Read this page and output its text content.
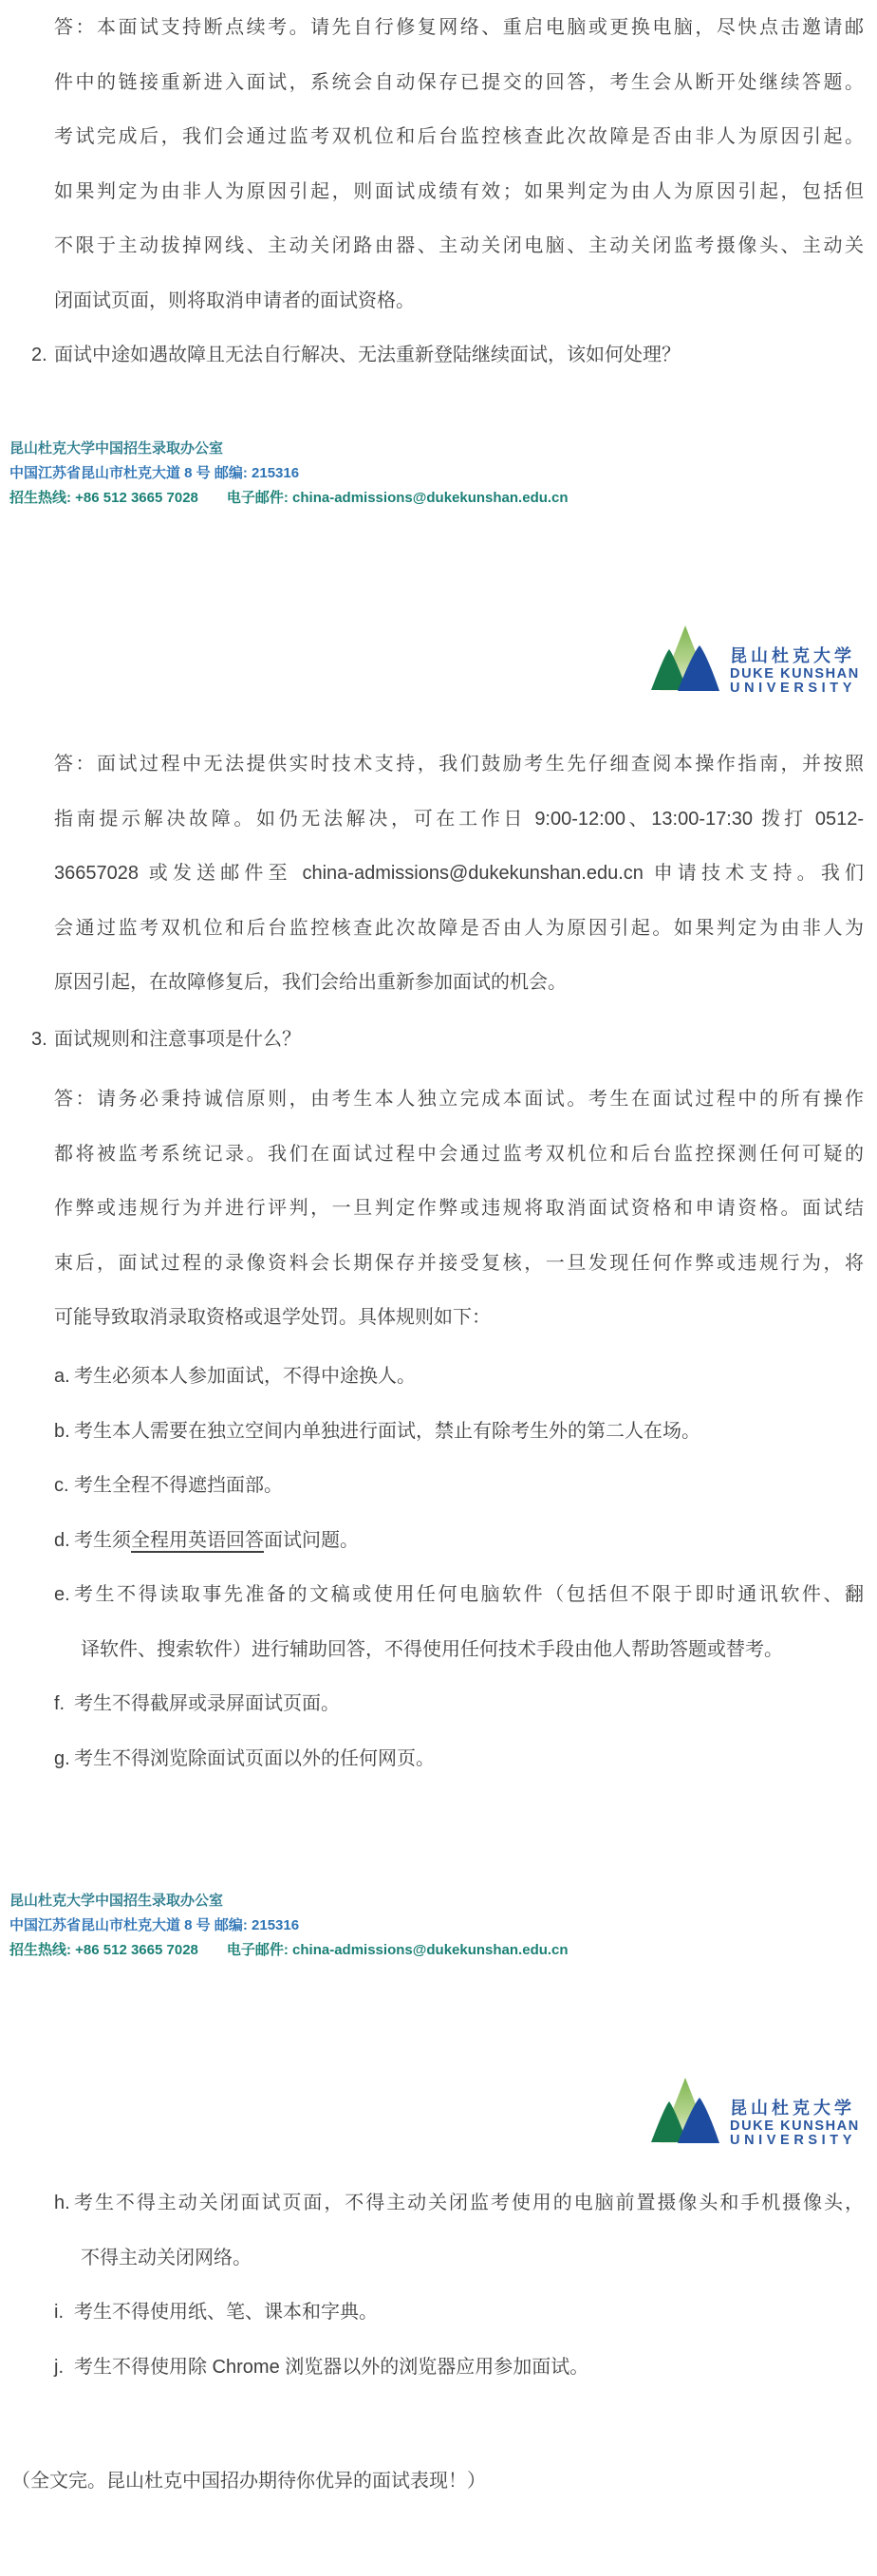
答：本面试支持断点续考。请先自行修复网络、重启电脑或更换电脑，尽快点击邀请邮
件中的链接重新进入面试，系统会自动保存已提交的回答，考生会从断开处继续答题。
考试完成后，我们会通过监考双机位和后台监控核查此次故障是否由非人为原因引起。
如果判定为由非人为原因引起，则面试成绩有效；如果判定为由人为原因引起，包括但
不限于主动拔掉网线、主动关闭路由器、主动关闭电脑、主动关闭监考摄像头、主动关
闭面试页面，则将取消申请者的面试资格。
2. 面试中途如遇故障且无法自行解决、无法重新登陆继续面试，该如何处理？
昆山杜克大学中国招生录取办公室
中国江苏省昆山市杜克大道 8 号 邮编: 215316
招生热线: +86 512 3665 7028 电子邮件: china-admissions@dukekunshan.edu.cn
昆山杜克大学
DUKE KUNSHAN
UNIVERSITY
答：面试过程中无法提供实时技术支持，我们鼓励考生先仔细查阅本操作指南，并按照
指南提示解决故障。如仍无法解决，可在工作日 9:00-12:00、13:00-17:30 拨打 0512-
36657028 或发送邮件至 china-admissions@dukekunshan.edu.cn 申请技术支持。我们
会通过监考双机位和后台监控核查此次故障是否由人为原因引起。如果判定为由非人为
原因引起，在故障修复后，我们会给出重新参加面试的机会。
3. 面试规则和注意事项是什么？
答：请务必秉持诚信原则，由考生本人独立完成本面试。考生在面试过程中的所有操作
都将被监考系统记录。我们在面试过程中会通过监考双机位和后台监控探测任何可疑的
作弊或违规行为并进行评判，一旦判定作弊或违规将取消面试资格和申请资格。面试结
束后，面试过程的录像资料会长期保存并接受复核，一旦发现任何作弊或违规行为，将
可能导致取消录取资格或退学处罚。具体规则如下：
a. 考生必须本人参加面试，不得中途换人。
b. 考生本人需要在独立空间内单独进行面试，禁止有除考生外的第二人在场。
c. 考生全程不得遮挡面部。
d. 考生须全程用英语回答面试问题。
e. 考生不得读取事先准备的文稿或使用任何电脑软件（包括但不限于即时通讯软件、翻
译软件、搜索软件）进行辅助回答，不得使用任何技术手段由他人帮助答题或替考。
f. 考生不得截屏或录屏面试页面。
g. 考生不得浏览除面试页面以外的任何网页。
昆山杜克大学中国招生录取办公室
中国江苏省昆山市杜克大道 8 号 邮编: 215316
招生热线: +86 512 3665 7028 电子邮件: china-admissions@dukekunshan.edu.cn
昆山杜克大学
DUKE KUNSHAN
UNIVERSITY
h. 考生不得主动关闭面试页面，不得主动关闭监考使用的电脑前置摄像头和手机摄像头，
不得主动关闭网络。
i. 考生不得使用纸、笔、课本和字典。
j. 考生不得使用除 Chrome 浏览器以外的浏览器应用参加面试。
（全文完。昆山杜克中国招办期待你优异的面试表现！）
